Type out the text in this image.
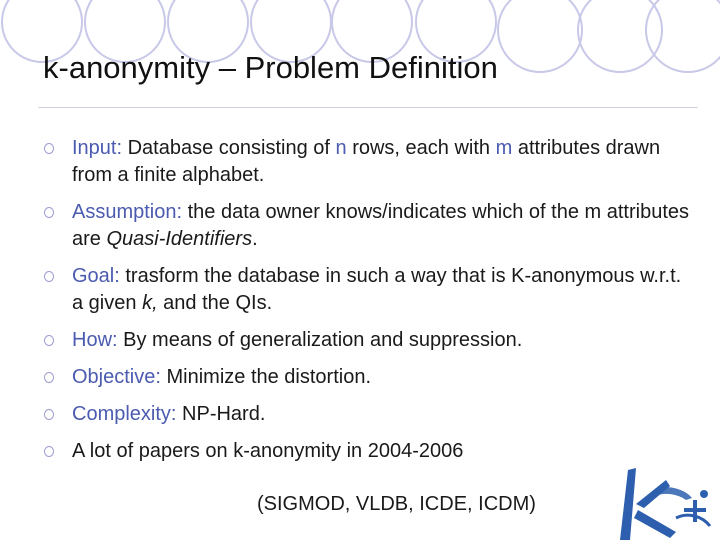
k-anonymity – Problem Definition
Input: Database consisting of n rows, each with m attributes drawn from a finite alphabet.
Assumption: the data owner knows/indicates which of the m attributes are Quasi-Identifiers.
Goal: trasform the database in such a way that is K-anonymous w.r.t. a given k, and the QIs.
How: By means of generalization and suppression.
Objective: Minimize the distortion.
Complexity: NP-Hard.
A lot of papers on k-anonymity in 2004-2006
(SIGMOD, VLDB, ICDE, ICDM)
